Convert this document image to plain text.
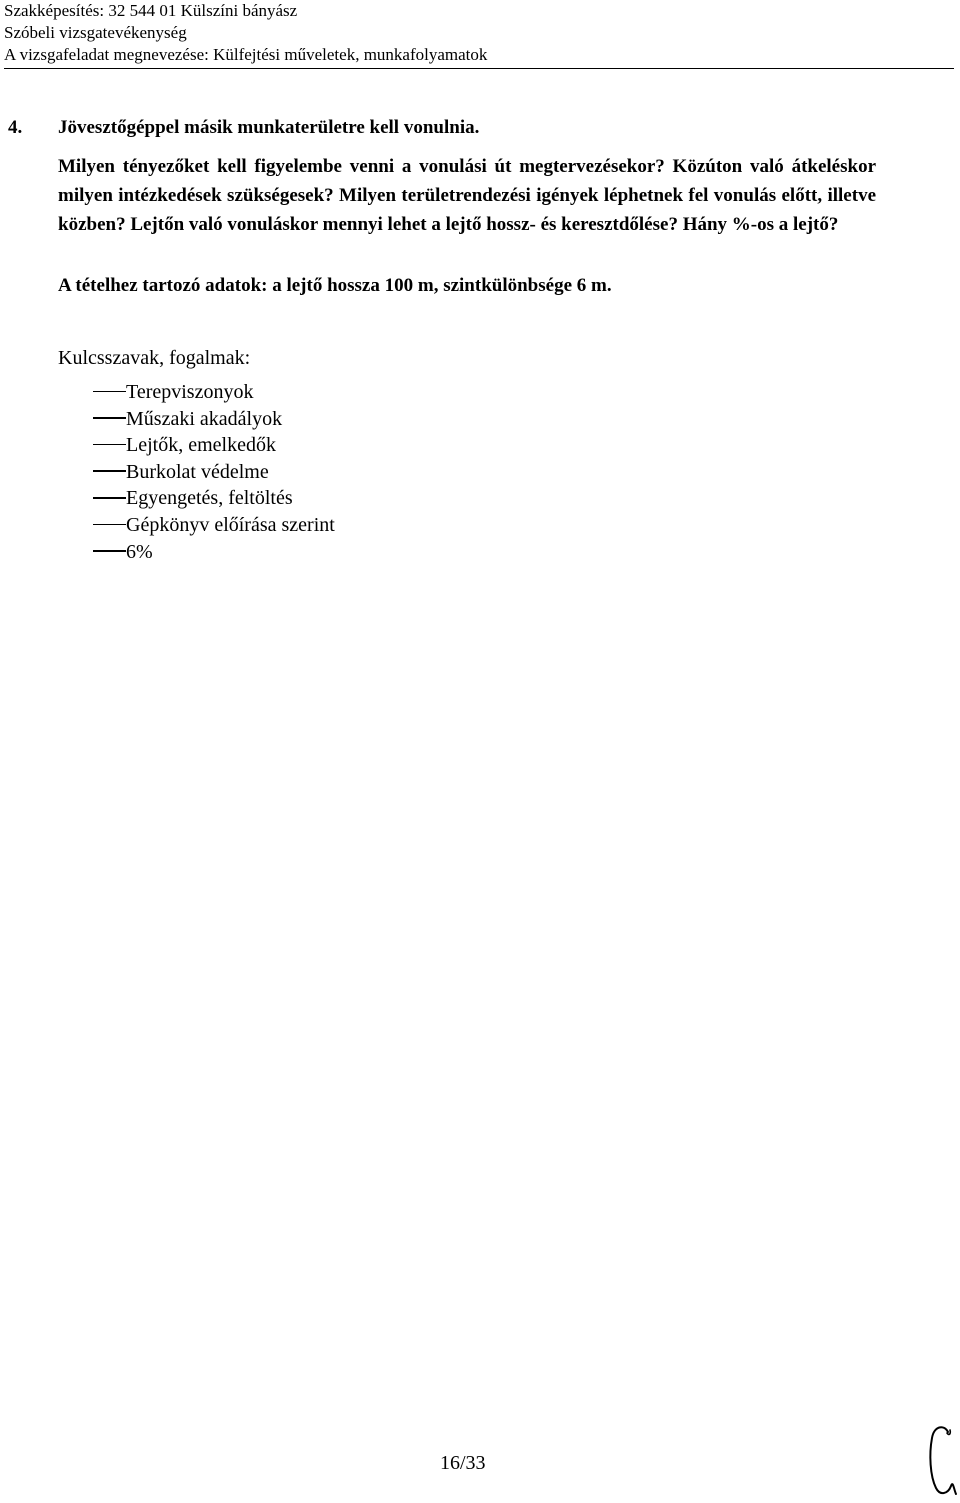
Szakképesítés: 32 544 01 Külszíni bányász
Szóbeli vizsgatevékenység
A vizsgafeladat megnevezése: Külfejtési műveletek, munkafolyamatok
4. Jövesztőgéppel másik munkaterületre kell vonulnia.
Milyen tényezőket kell figyelembe venni a vonulási út megtervezésekor? Közúton való átkeléskor milyen intézkedések szükségesek? Milyen területrendezési igények léphetnek fel vonulás előtt, illetve közben? Lejtőn való vonuláskor mennyi lehet a lejtő hossz- és keresztdőlése? Hány %-os a lejtő?
A tételhez tartozó adatok: a lejtő hossza 100 m, szintkülönbsége 6 m.
Kulcsszavak, fogalmak:
Terepviszonyok
Műszaki akadályok
Lejtők, emelkedők
Burkolat védelme
Egyengetés, feltöltés
Gépkönyv előírása szerint
6%
16/33
